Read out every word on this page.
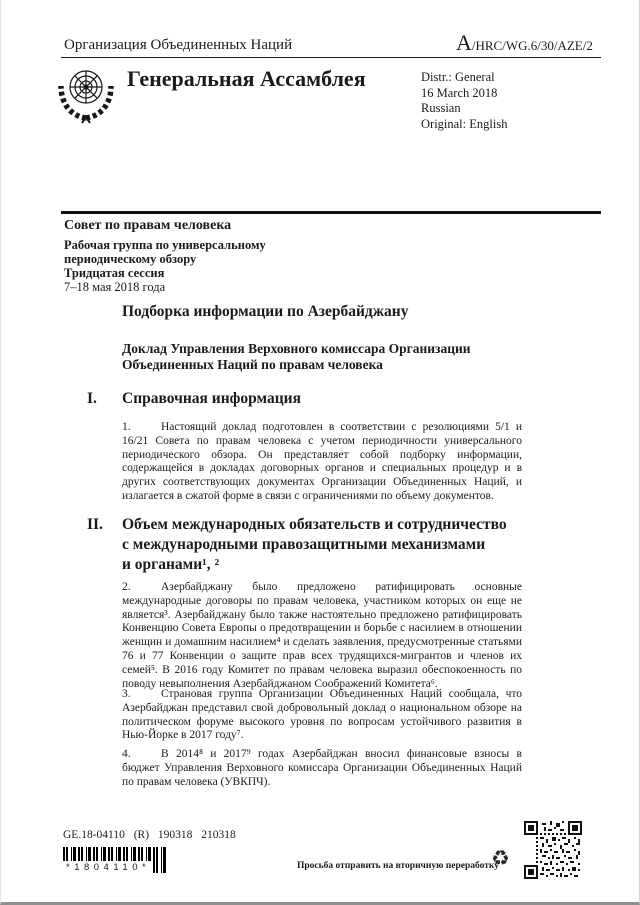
Организация Объединенных Наций	A/HRC/WG.6/30/AZE/2
Генеральная Ассамблея	Distr.: General
16 March 2018
Russian
Original: English
Совет по правам человека
Рабочая группа по универсальному
периодическому обзору
Тридцатая сессия
7–18 мая 2018 года
Подборка информации по Азербайджану
Доклад Управления Верховного комиссара Организации
Объединенных Наций по правам человека
I.	Справочная информация

1.	Настоящий доклад подготовлен в соответствии с резолюциями 5/1 и 16/21 Совета по правам человека с учетом периодичности универсального периодического обзора. Он представляет собой подборку информации, содержащейся в докладах договорных органов и специальных процедур и в других соответствующих документах Организации Объединенных Наций, и излагается в сжатой форме в связи с ограничениями по объему документов.

II.	Объем международных обязательств и сотрудничество
с международными правозащитными механизмами
и органами¹, ²

2.	Азербайджану было предложено ратифицировать основные международные договоры по правам человека, участником которых он еще не является³. Азербайджану было также настоятельно предложено ратифицировать Конвенцию Совета Европы о предотвращении и борьбе с насилием в отношении женщин и домашним насилием⁴ и сделать заявления, предусмотренные статьями 76 и 77 Конвенции о защите прав всех трудящихся-мигрантов и членов их семей⁵. В 2016 году Комитет по правам человека выразил обеспокоенность по поводу невыполнения Азербайджаном Соображений Комитета⁶.

3.	Страновая группа Организации Объединенных Наций сообщала, что Азербайджан представил свой добровольный доклад о национальном обзоре на политическом форуме высокого уровня по вопросам устойчивого развития в Нью-Йорке в 2017 году⁷.

4.	В 2014⁸ и 2017⁹ годах Азербайджан вносил финансовые взносы в бюджет Управления Верховного комиссара Организации Объединенных Наций по правам человека (УВКПЧ).

GE.18-04110 (R) 190318 210318
*1804110*	Просьба отправить на вторичную переработку
♻
